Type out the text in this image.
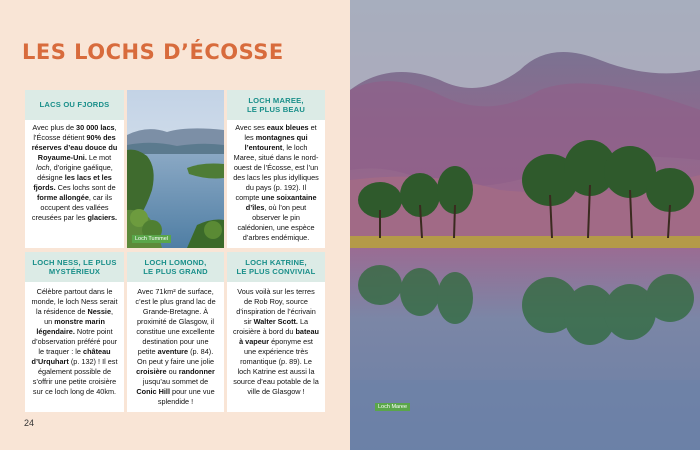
LES LOCHS D’ÉCOSSE
LACS OU FJORDS
Avec plus de 30 000 lacs, l’Écosse détient 90% des réserves d’eau douce du Royaume-Uni. Le mot loch, d’origine gaélique, désigne les lacs et les fjords. Ces lochs sont de forme allongée, car ils occupent des vallées creusées par les glaciers.
Loch Tummel
LOCH MAREE,
LE PLUS BEAU
Avec ses eaux bleues et les montagnes qui l’entourent, le loch Maree, situé dans le nord-ouest de l’Écosse, est l’un des lacs les plus idylliques du pays (p. 192). Il compte une soixantaine d’îles, où l’on peut observer le pin calédonien, une espèce d’arbres endémique.
LOCH NESS, LE PLUS
MYSTÉRIEUX
Célèbre partout dans le monde, le loch Ness serait la résidence de Nessie, un monstre marin légendaire. Notre point d’observation préféré pour le traquer : le château d’Urquhart (p. 132) ! Il est également possible de s’offrir une petite croisière sur ce loch long de 40km.
LOCH LOMOND,
LE PLUS GRAND
Avec 71km² de surface, c’est le plus grand lac de Grande-Bretagne. À proximité de Glasgow, il constitue une excellente destination pour une petite aventure (p. 84). On peut y faire une jolie croisière ou randonner jusqu’au sommet de Conic Hill pour une vue splendide !
LOCH KATRINE,
LE PLUS CONVIVIAL
Vous voilà sur les terres de Rob Roy, source d’inspiration de l’écrivain sir Walter Scott. La croisière à bord du bateau à vapeur éponyme est une expérience très romantique (p. 89). Le loch Katrine est aussi la source d’eau potable de la ville de Glasgow !
24
Loch Maree
